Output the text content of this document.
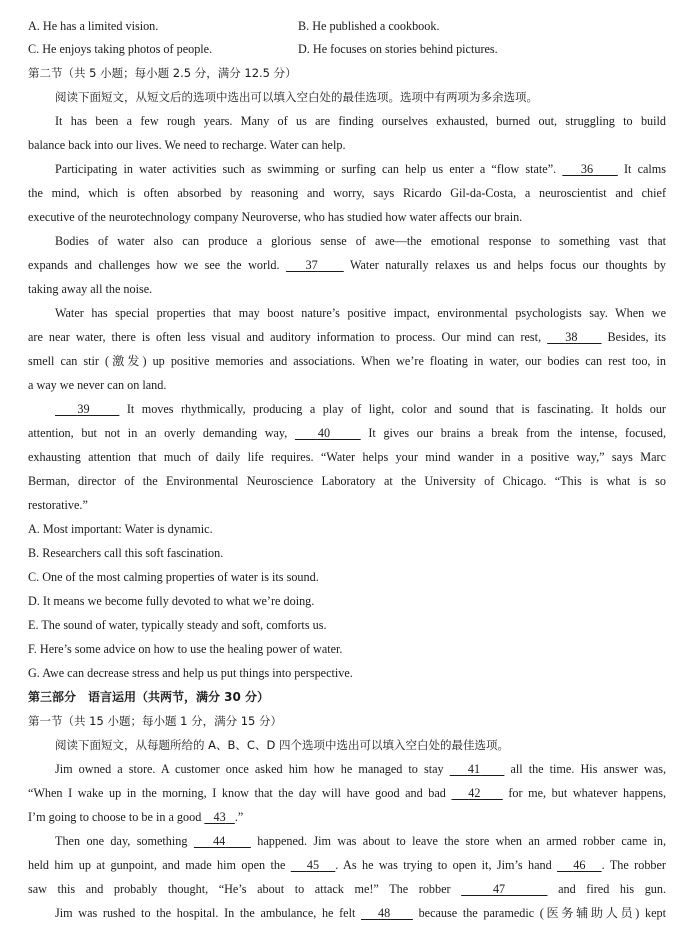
A. He has a limited vision.	B. He published a cookbook.
C. He enjoys taking photos of people.	D. He focuses on stories behind pictures.
第二节（共 5 小题；每小题 2.5 分，满分 12.5 分）
阅读下面短文，从短文后的选项中选出可以填入空白处的最佳选项。选项中有两项为多余选项。
It has been a few rough years. Many of us are finding ourselves exhausted, burned out, struggling to build
balance back into our lives. We need to recharge. Water can help.
Participating in water activities such as swimming or surfing can help us enter a “flow state”. 36	It calms
the mind, which is often absorbed by reasoning and worry, says Ricardo Gil-da-Costa, a neuroscientist and chief
executive of the neurotechnology company Neuroverse, who has studied how water affects our brain.
Bodies of water also can produce a glorious sense of awe—the emotional response to something vast that
expands and challenges how we see the world. 37	Water naturally relaxes us and helps focus our thoughts by
taking away all the noise.
Water has special properties that may boost nature’s positive impact, environmental psychologists say. When we
are near water, there is often less visual and auditory information to process. Our mind can rest, 38 Besides, its
smell can stir (激发) up positive memories and associations. When we’re floating in water, our bodies can rest too, in
a way we never can on land.
39	It moves rhythmically, producing a play of light, color and sound that is fascinating. It holds our
attention, but not in an overly demanding way,	40	It gives our brains a break from the intense, focused,
exhausting attention that much of daily life requires. “Water helps your mind wander in a positive way,” says Marc
Berman, director of the Environmental Neuroscience Laboratory at the University of Chicago. “This is what is so
restorative.”
A. Most important: Water is dynamic.
B. Researchers call this soft fascination.
C. One of the most calming properties of water is its sound.
D. It means we become fully devoted to what we’re doing.
E. The sound of water, typically steady and soft, comforts us.
F. Here’s some advice on how to use the healing power of water.
G. Awe can decrease stress and help us put things into perspective.
第三部分　语言运用（共两节，满分 30 分）
第一节（共 15 小题；每小题 1 分，满分 15 分）
阅读下面短文，从每题所给的 A、B、C、D 四个选项中选出可以填入空白处的最佳选项。
Jim owned a store. A customer once asked him how he managed to stay 41 all the time. His answer was,
“When I wake up in the morning, I know that the day will have good and bad 42 for me, but whatever happens,
I’m going to choose to be in a good 43 .”
Then one day, something 44	happened. Jim was about to leave the store when an armed robber came in,
held him up at gunpoint, and made him open the 45 . As he was trying to open it, Jim’s hand 46 . The robber
saw this and probably thought, “He’s about to attack me!” The robber	47	and fired his gun.
Jim was rushed to the hospital. In the ambulance, he felt 48 because the paramedic (医务辅助人员) kept
